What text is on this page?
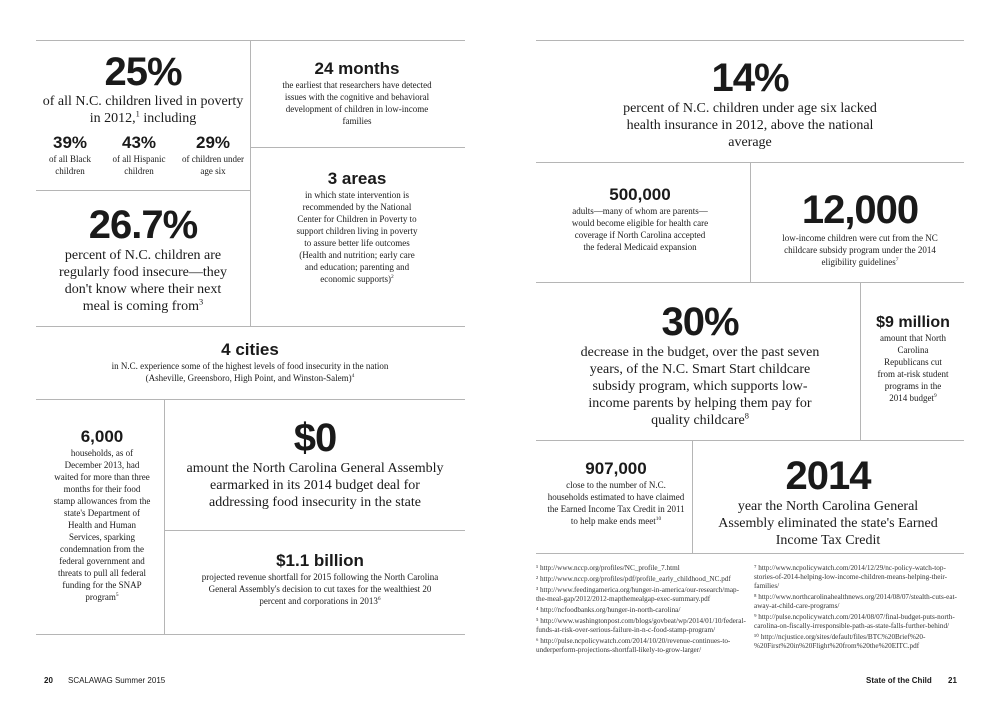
25%
of all N.C. children lived in poverty in 2012,$^1$ including
39%
of all Black children
43%
of all Hispanic children
29%
of children under age six
24 months
the earliest that researchers have detected issues with the cognitive and behavioral development of children in low-income families
26.7%
percent of N.C. children are regularly food insecure—they don't know where their next meal is coming from$^3$
3 areas
in which state intervention is recommended by the National Center for Children in Poverty to support children living in poverty to assure better life outcomes (Health and nutrition; early care and education; parenting and economic supports)$^2$
4 cities
in N.C. experience some of the highest levels of food insecurity in the nation (Asheville, Greensboro, High Point, and Winston-Salem)$^4$
6,000
households, as of December 2013, had waited for more than three months for their food stamp allowances from the state's Department of Health and Human Services, sparking condemnation from the federal government and threats to pull all federal funding for the SNAP program$^5$
$0
amount the North Carolina General Assembly earmarked in its 2014 budget deal for addressing food insecurity in the state
$1.1 billion
projected revenue shortfall for 2015 following the North Carolina General Assembly's decision to cut taxes for the wealthiest 20 percent and corporations in 2013$^6$
14%
percent of N.C. children under age six lacked health insurance in 2012, above the national average
500,000
adults—many of whom are parents—would become eligible for health care coverage if North Carolina accepted the federal Medicaid expansion
12,000
low-income children were cut from the NC childcare subsidy program under the 2014 eligibility guidelines$^7$
30%
decrease in the budget, over the past seven years, of the N.C. Smart Start childcare subsidy program, which supports low-income parents by helping them pay for quality childcare$^8$
$9 million
amount that North Carolina Republicans cut from at-risk student programs in the 2014 budget$^9$
907,000
close to the number of N.C. households estimated to have claimed the Earned Income Tax Credit in 2011 to help make ends meet$^{10}$
2014
year the North Carolina General Assembly eliminated the state's Earned Income Tax Credit
¹ http://www.nccp.org/profiles/NC_profile_7.html
² http://www.nccp.org/profiles/pdf/profile_early_childhood_NC.pdf
³ http://www.feedingamerica.org/hunger-in-america/our-research/map-the-meal-gap/2012/2012-mapthemealgap-exec-summary.pdf
⁴ http://ncfoodbanks.org/hunger-in-north-carolina/
⁵ http://www.washingtonpost.com/blogs/govbeat/wp/2014/01/10/federal-funds-at-risk-over-serious-failure-in-n-c-food-stamp-program/
⁶ http://pulse.ncpolicywatch.com/2014/10/20/revenue-continues-to-underperform-projections-shortfall-likely-to-grow-larger/
⁷ http://www.ncpolicywatch.com/2014/12/29/nc-policy-watch-top-stories-of-2014-helping-low-income-children-means-helping-their-families/
⁸ http://www.northcarolinahealthnews.org/2014/08/07/stealth-cuts-eat-away-at-child-care-programs/
⁹ http://pulse.ncpolicywatch.com/2014/08/07/final-budget-puts-north-carolina-on-fiscally-irresponsible-path-as-state-falls-further-behind/
¹⁰ http://ncjustice.org/sites/default/files/BTC%20Brief%20-%20First%20in%20Flight%20from%20the%20EITC.pdf
20 SCALAWAG Summer 2015	State of the Child 21
